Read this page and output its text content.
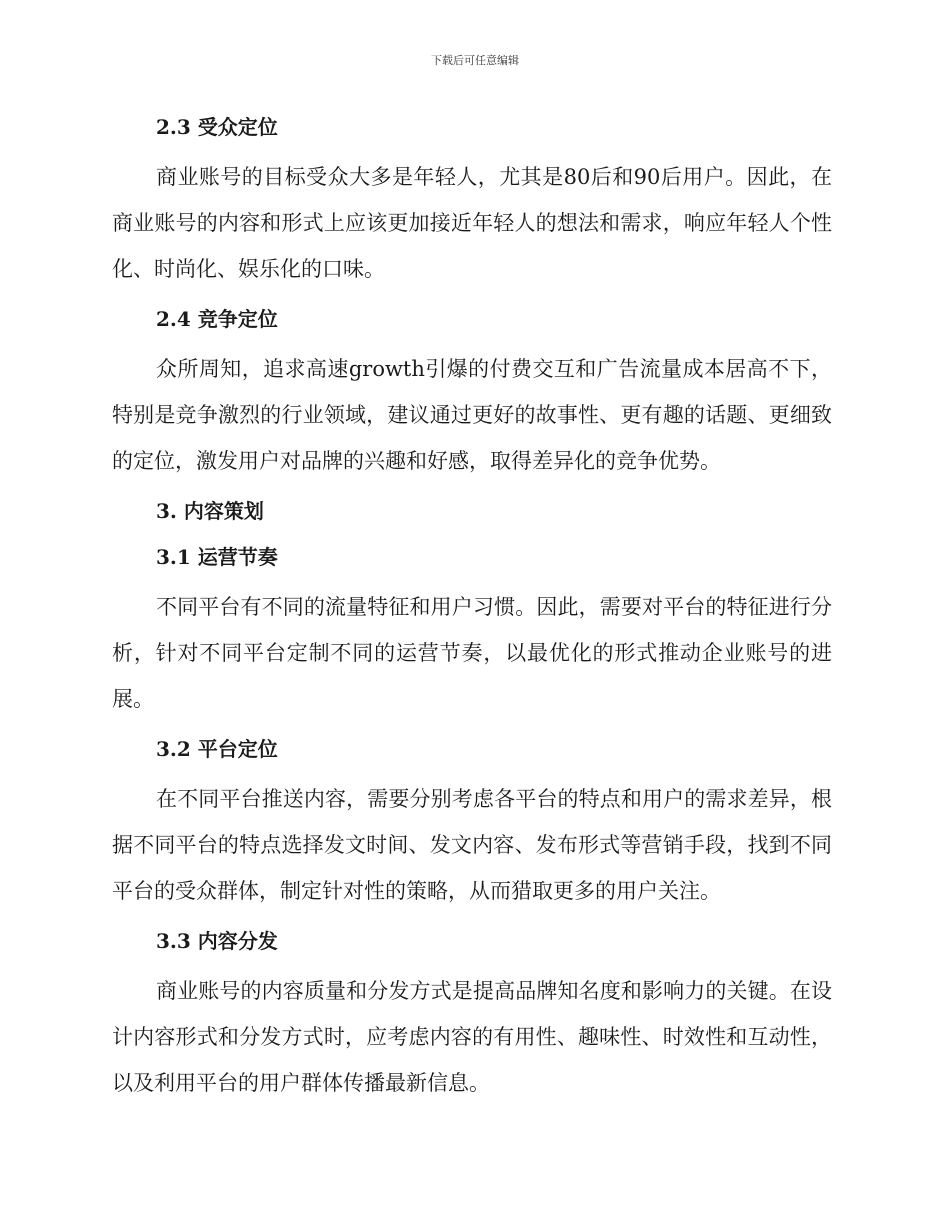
下载后可任意编辑
2.3 受众定位

商业账号的目标受众大多是年轻人，尤其是80后和90后用户。因此，在商业账号的内容和形式上应该更加接近年轻人的想法和需求，响应年轻人个性化、时尚化、娱乐化的口味。

2.4 竞争定位

众所周知，追求高速growth引爆的付费交互和广告流量成本居高不下，特别是竞争激烈的行业领域，建议通过更好的故事性、更有趣的话题、更细致的定位，激发用户对品牌的兴趣和好感，取得差异化的竞争优势。

3. 内容策划
3.1 运营节奏

不同平台有不同的流量特征和用户习惯。因此，需要对平台的特征进行分析，针对不同平台定制不同的运营节奏，以最优化的形式推动企业账号的进展。

3.2 平台定位

在不同平台推送内容，需要分别考虑各平台的特点和用户的需求差异，根据不同平台的特点选择发文时间、发文内容、发布形式等营销手段，找到不同平台的受众群体，制定针对性的策略，从而猎取更多的用户关注。

3.3 内容分发

商业账号的内容质量和分发方式是提高品牌知名度和影响力的关键。在设计内容形式和分发方式时，应考虑内容的有用性、趣味性、时效性和互动性，以及利用平台的用户群体传播最新信息。
